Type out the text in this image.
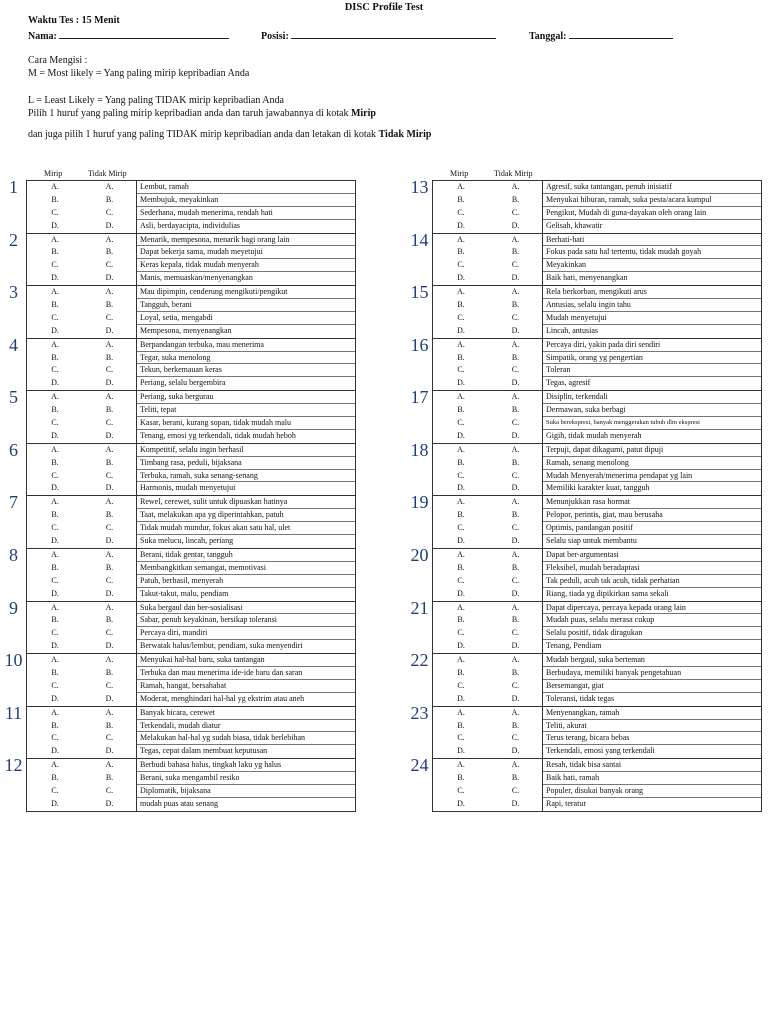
DISC Profile Test
Waktu Tes : 15 Menit
Nama:	Posisi:	Tanggal:

Cara Mengisi :

M = Most likely = Yang paling mirip kepribadian Anda

L = Least Likely = Yang paling TIDAK mirip kepribadian Anda

Pilih 1 huruf yang paling mirip kepribadian anda dan taruh jawabannya di kotak Mirip

dan juga pilih 1 huruf yang paling TIDAK mirip kepribadian anda dan letakan di kotak Tidak Mirip

Mirip	Tidak Mirip
1	A.	A.	Lembut, ramah
B.	B.	Membujuk, meyakinkan
C.	C.	Sederhana, mudah menerima, rendah hati
D.	D.	Asli, berdayacipta, individulias
2	A.	A.	Menarik, mempesona, menarik bagi orang lain
B.	B.	Dapat bekerja sama, mudah meyetujui
C.	C.	Keras kepala, tidak mudah menyerah
D.	D.	Manis, memuaskan/menyenangkan
3	A.	A.	Mau dipimpin, cenderung mengikuti/pengikut
B.	B.	Tangguh, berani
C.	C.	Loyal, setia, mengabdi
D.	D.	Mempesona, menyenangkan
4	A.	A.	Berpandangan terbuka, mau menerima
B.	B.	Tegar, suka menolong
C.	C.	Tekun, berkemauan keras
D.	D.	Periang, selalu bergembira
5	A.	A.	Periang, suka bergurau
B.	B.	Teliti, tepat
C.	C.	Kasar, berani, kurang sopan, tidak mudah malu
D.	D.	Tenang, emosi yg terkendali, tidak mudah heboh
6	A.	A.	Kompetitif, selalu ingin berhasil
B.	B.	Timbang rasa, peduli, bijaksana
C.	C.	Terbuka, ramah, suka senang-senang
D.	D.	Harmonis, mudah menyetujui
7	A.	A.	Rewel, cerewet, sulit untuk dipuaskan hatinya
B.	B.	Taat, melakukan apa yg diperintahkan, patuh
C.	C.	Tidak mudah mundur, fokus akan satu hal, ulet
D.	D.	Suka melucu, lincah, periang
8	A.	A.	Berani, tidak gentar, tangguh
B.	B.	Membangkitkan semangat, memotivasi
C.	C.	Patuh, berhasil, menyerah
D.	D.	Takut-takut, malu, pendiam
9	A.	A.	Suka bergaul dan ber-sosialisasi
B.	B.	Sabar, penuh keyakinan, bersikap toleransi
C.	C.	Percaya diri, mandiri
D.	D.	Berwatak halus/lembut, pendiam, suka menyendiri
10	A.	A.	Menyukai hal-hal baru, suka tantangan
B.	B.	Terbuka dan mau menerima ide-ide baru dan saran
C.	C.	Ramah, hangat, bersahabat
D.	D.	Moderat, menghindari hal-hal yg ekstrim atau aneh
11	A.	A.	Banyak bicara, cerewet
B.	B.	Terkendali, mudah diatur
C.	C.	Melakukan hal-hal yg sudah biasa, tidak berlebihan
D.	D.	Tegas, cepat dalam membuat keputusan
12	A.	A.	Berbudi bahasa halus, tingkah laku yg halus
B.	B.	Berani, suka mengambil resiko
C.	C.	Diplomatik, bijaksana
D.	D.	mudah puas atau senang
Mirip	Tidak Mirip
13	A.	A.	Agresif, suka tantangan, penuh inisiatif
B.	B.	Menyukai hiburan, ramah, suka pesta/acara kumpul
C.	C.	Pengikut, Mudah di guna-dayakan oleh orang lain
D.	D.	Gelisah, khawatir
14	A.	A.	Berhati-hati
B.	B.	Fokus pada satu hal tertentu, tidak mudah goyah
C.	C.	Meyakinkan
D.	D.	Baik hati, menyenangkan
15	A.	A.	Rela berkorban, mengikuti arus
B.	B.	Antusias, selalu ingin tahu
C.	C.	Mudah menyetujui
D.	D.	Lincah, antusias
16	A.	A.	Percaya diri, yakin pada diri sendiri
B.	B.	Simpatik, orang yg pengertian
C.	C.	Toleran
D.	D.	Tegas, agresif
17	A.	A.	Disiplin, terkendali
B.	B.	Dermawan, suka berbagi
C.	C.	Suka berekspresi, banyak menggerakan tubuh dlm ekspresi
D.	D.	Gigih, tidak mudah menyerah
18	A.	A.	Terpuji, dapat dikagumi, patut dipuji
B.	B.	Ramah, senang menolong
C.	C.	Mudah Menyerah/menerima pendapat yg lain
D.	D.	Memiliki karakter kuat, tangguh
19	A.	A.	Menunjukkan rasa hormat
B.	B.	Pelopor, perintis, giat, mau berusaha
C.	C.	Optimis, pandangan positif
D.	D.	Selalu siap untuk membantu
20	A.	A.	Dapat ber-argumentasi
B.	B.	Fleksibel, mudah beradaptasi
C.	C.	Tak peduli, acuh tak acuh, tidak perhatian
D.	D.	Riang, tiada yg dipikirkan sama sekali
21	A.	A.	Dapat dipercaya, percaya kepada orang lain
B.	B.	Mudah puas, selalu merasa cukup
C.	C.	Selalu positif, tidak diragukan
D.	D.	Tenang, Pendiam
22	A.	A.	Mudah bergaul, suka berteman
B.	B.	Berbudaya, memiliki banyak pengetahuan
C.	C.	Bersemangat, giat
D.	D.	Toleransi, tidak tegas
23	A.	A.	Menyenangkan, ramah
B.	B.	Teliti, akurat
C.	C.	Terus terang, bicara bebas
D.	D.	Terkendali, emosi yang terkendali
24	A.	A.	Resah, tidak bisa santai
B.	B.	Baik hati, ramah
C.	C.	Populer, disukai banyak orang
D.	D.	Rapi, teratur
